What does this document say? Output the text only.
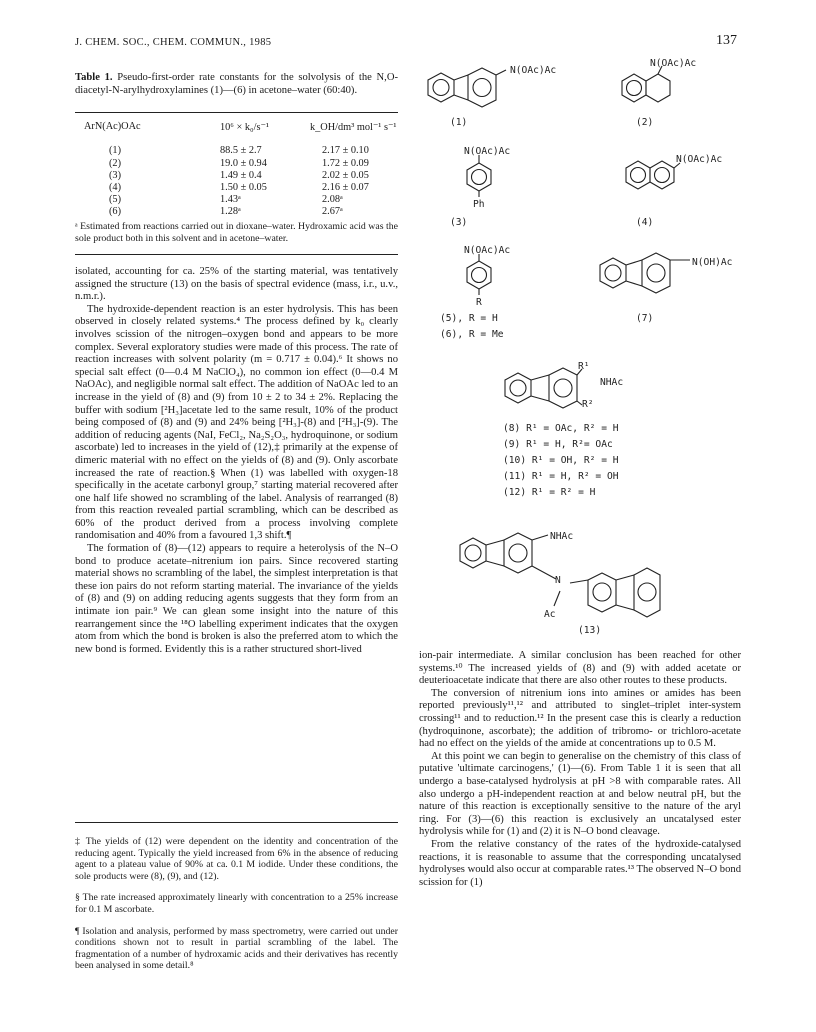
J. CHEM. SOC., CHEM. COMMUN., 1985	137
Table 1. Pseudo-first-order rate constants for the solvolysis of the N,O-diacetyl-N-arylhydroxylamines (1)—(6) in acetone–water (60:40).
ArN(Ac)OAc	10⁶ × k₀/s⁻¹	k_OH/dm³ mol⁻¹ s⁻¹

(1)	88.5 ± 2.7	2.17 ± 0.10
(2)	19.0 ± 0.94	1.72 ± 0.09
(3)	1.49 ± 0.4	2.02 ± 0.05
(4)	1.50 ± 0.05	2.16 ± 0.07
(5)	1.43ᵃ	2.08ᵃ
(6)	1.28ᵃ	2.67ᵃ
ᵃ Estimated from reactions carried out in dioxane–water. Hydroxamic acid was the sole product both in this solvent and in acetone–water.

isolated, accounting for ca. 25% of the starting material, was tentatively assigned the structure (13) on the basis of spectral evidence (mass, i.r., u.v., n.m.r.).

The hydroxide-dependent reaction is an ester hydrolysis. This has been observed in closely related systems.⁴ The process defined by k₀ clearly involves scission of the nitrogen–oxygen bond and appears to be more complex. Several exploratory studies were made of this process. The rate of reaction increases with solvent polarity (m = 0.717 ± 0.04).⁶ It shows no special salt effect (0—0.4 M NaClO₄), no common ion effect (0—0.4 M NaOAc), and negligible normal salt effect. The addition of NaOAc led to an increase in the yield of (8) and (9) from 10 ± 2 to 34 ± 2%. Replacing the buffer with sodium [²H₃]acetate led to the same result, 10% of the product being composed of (8) and (9) and 24% being [²H₃]-(8) and [²H₃]-(9). The addition of reducing agents (NaI, FeCl₂, Na₂S₂O₃, hydroquinone, or sodium ascorbate) led to increases in the yield of (12),‡ primarily at the expense of dimeric material with no effect on the yields of (8) and (9). Only ascorbate increased the rate of reaction.§ When (1) was labelled with oxygen-18 specifically in the acetate carbonyl group,⁷ starting material recovered after one half life showed no scrambling of the label. Analysis of rearranged (8) from this reaction revealed partial scrambling, which can be described as 60% of the product derived from a process involving complete randomisation and 40% from a favoured 1,3 shift.¶

The formation of (8)—(12) appears to require a heterolysis of the N–O bond to produce acetate–nitrenium ion pairs. Since recovered starting material shows no scrambling of the label, the simplest interpretation is that these ion pairs do not reform starting material. The invariance of the yields of (8) and (9) on adding reducing agents suggests that they form from an intimate ion pair.⁹ We can glean some insight into the nature of this rearrangement since the ¹⁸O labelling experiment indicates that the oxygen atom from which the bond is broken is also the preferred atom to which the new bond is formed. Evidently this is a rather structured short-lived

‡ The yields of (12) were dependent on the identity and concentration of the reducing agent. Typically the yield increased from 6% in the absence of reducing agent to a plateau value of 90% at ca. 0.1 M iodide. Under these conditions, the sole products were (8), (9), and (12).

§ The rate increased approximately linearly with concentration to a 25% increase for 0.1 M ascorbate.

¶ Isolation and analysis, performed by mass spectrometry, were carried out under conditions shown not to result in partial scrambling of the label. The fragmentation of a number of hydroxamic acids and their derivatives has recently been analysed in some detail.⁸

N(OAc)Ac
(1)
N(OAc)Ac
(2)
N(OAc)Ac
Ph
(3)
N(OAc)Ac
(4)
N(OAc)Ac
R
(5), R = H
(6), R = Me
N(OH)Ac
(7)
R¹
NHAc
R²
(8) R¹ = OAc, R² = H
(9) R¹ = H, R²= OAc
(10) R¹ = OH, R² = H
(11) R¹ = H, R² = OH
(12) R¹ = R² = H
NHAc
N
Ac
(13)

ion-pair intermediate. A similar conclusion has been reached for other systems.¹⁰ The increased yields of (8) and (9) with added acetate or deuterioacetate indicate that there are also other routes to these products.

The conversion of nitrenium ions into amines or amides has been reported previously¹¹,¹² and attributed to singlet–triplet inter-system crossing¹¹ and to reduction.¹² In the present case this is clearly a reduction (hydroquinone, ascorbate); the addition of tribromo- or trichloro-acetate had no effect on the yields of the amide at concentrations up to 0.5 M.

At this point we can begin to generalise on the chemistry of this class of putative 'ultimate carcinogens,' (1)—(6). From Table 1 it is seen that all undergo a base-catalysed hydrolysis at pH >8 with comparable rates. All also undergo a pH-independent reaction at and below neutral pH, but the nature of this reaction is exceptionally sensitive to the nature of the aryl ring. For (3)—(6) this reaction is exclusively an uncatalysed ester hydrolysis while for (1) and (2) it is N–O bond cleavage.

From the relative constancy of the rates of the hydroxide-catalysed reactions, it is reasonable to assume that the corresponding uncatalysed hydrolyses would also occur at comparable rates.¹³ The observed N–O bond scission for (1)
